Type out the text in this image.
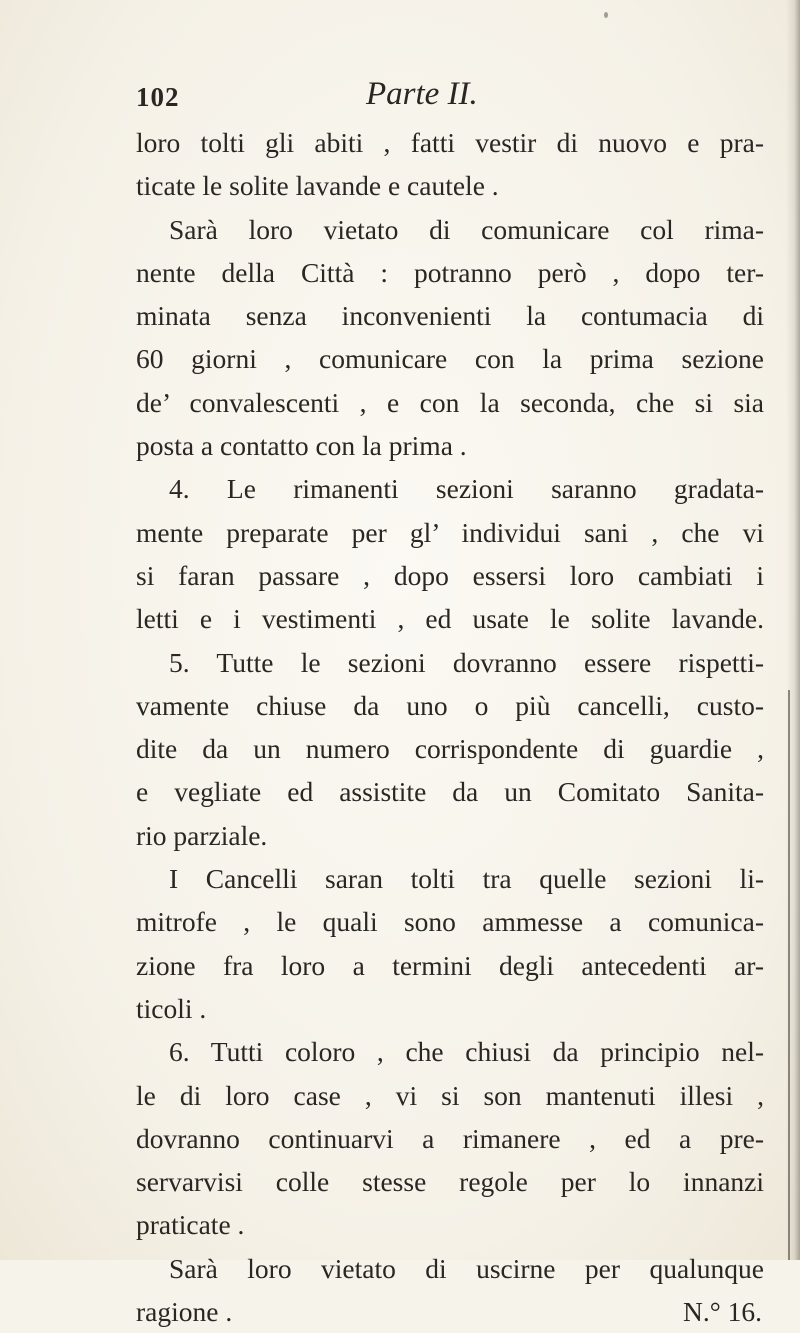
102	Parte II.
loro tolti gli abiti , fatti vestir di nuovo e pra-
ticate le solite lavande e cautele .
Sarà loro vietato di comunicare col rima-
nente della Città : potranno però , dopo ter-
minata senza inconvenienti la contumacia di
60 giorni , comunicare con la prima sezione
de’ convalescenti , e con la seconda, che si sia
posta a contatto con la prima .
4. Le rimanenti sezioni saranno gradata-
mente preparate per gl’ individui sani , che vi
si faran passare , dopo essersi loro cambiati i
letti e i vestimenti , ed usate le solite lavande.
5. Tutte le sezioni dovranno essere rispetti-
vamente chiuse da uno o più cancelli, custo-
dite da un numero corrispondente di guardie ,
e vegliate ed assistite da un Comitato Sanita-
rio parziale.
I Cancelli saran tolti tra quelle sezioni li-
mitrofe , le quali sono ammesse a comunica-
zione fra loro a termini degli antecedenti ar-
ticoli .
6. Tutti coloro , che chiusi da principio nel-
le di loro case , vi si son mantenuti illesi ,
dovranno continuarvi a rimanere , ed a pre-
servarvisi colle stesse regole per lo innanzi
praticate .
Sarà loro vietato di uscirne per qualunque
ragione .	N.° 16.
